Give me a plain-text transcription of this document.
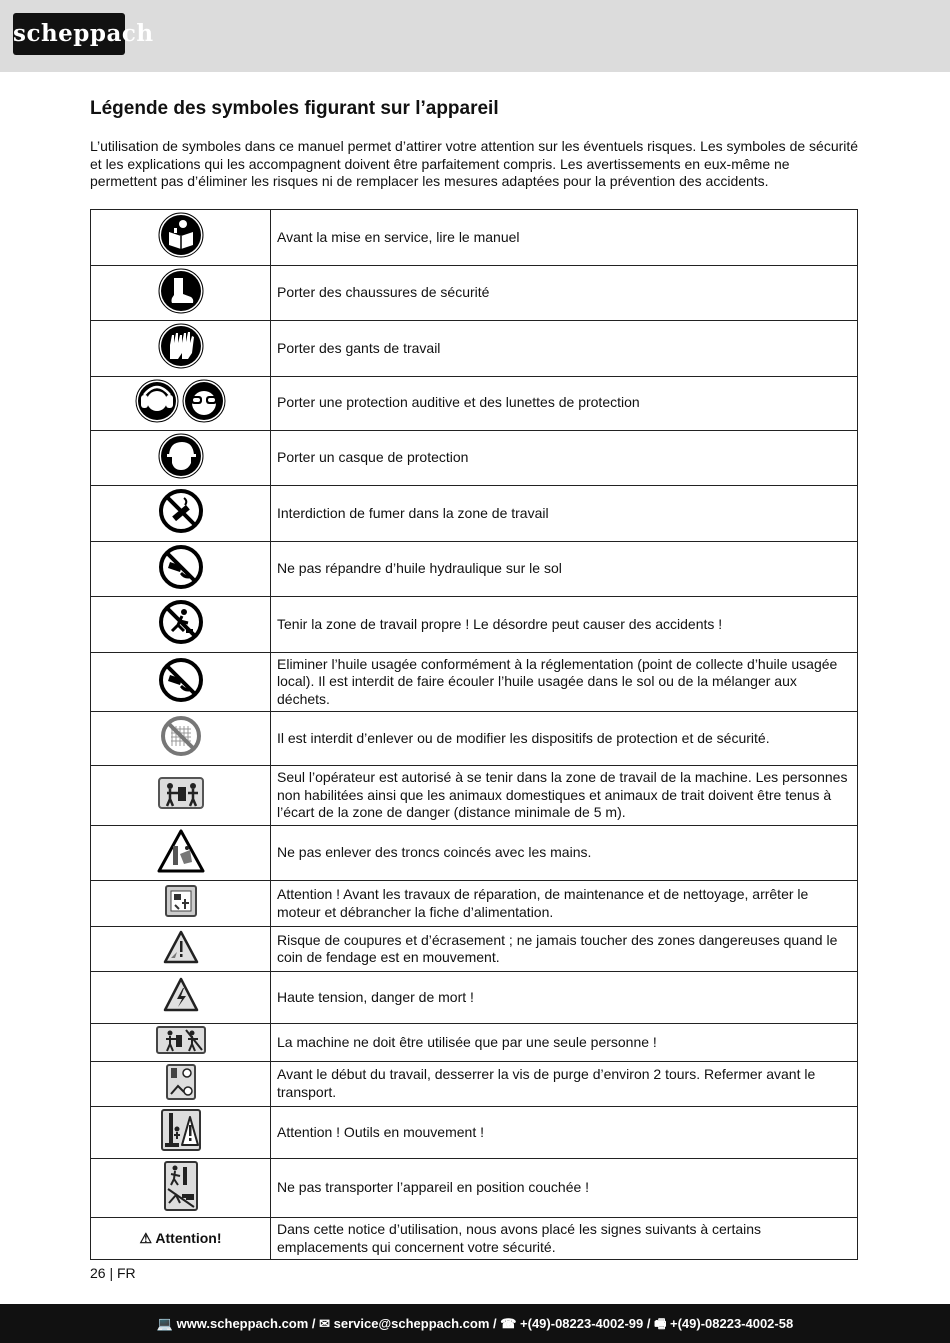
scheppach
Légende des symboles figurant sur l’appareil

L’utilisation de symboles dans ce manuel permet d’attirer votre attention sur les éventuels risques. Les symboles de sécurité et les explications qui les accompagnent doivent être parfaitement compris. Les avertissements en eux-même ne permettent pas d’éliminer les risques ni de remplacer les mesures adaptées pour la prévention des accidents.

	Avant la mise en service, lire le manuel

	Porter des chaussures de sécurité

	Porter des gants de travail

	Porter une protection auditive et des lunettes de protection

	Porter un casque de protection

	Interdiction de fumer dans la zone de travail

	Ne pas répandre d’huile hydraulique sur le sol

	Tenir la zone de travail propre ! Le désordre peut causer des accidents !

	Eliminer l’huile usagée conformément à la réglementation (point de collecte d’huile usagée local). Il est interdit de faire écouler l’huile usagée dans le sol ou de la mélanger aux déchets.

	Il est interdit d’enlever ou de modifier les dispositifs de protection et de sécurité.

	Seul l’opérateur est autorisé à se tenir dans la zone de travail de la machine. Les personnes non habilitées ainsi que les animaux domestiques et animaux de trait doivent être tenus à l’écart de la zone de danger (distance minimale de 5 m).

	Ne pas enlever des troncs coincés avec les mains.

	Attention ! Avant les travaux de réparation, de maintenance et de nettoyage, arrêter le moteur et débrancher la fiche d’alimentation.

	Risque de coupures et d’écrasement ; ne jamais toucher des zones dangereuses quand le coin de fendage est en mouvement.

	Haute tension, danger de mort !

	La machine ne doit être utilisée que par une seule personne !

	Avant le début du travail, desserrer la vis de purge d’environ 2 tours. Refermer avant le transport.

	Attention ! Outils en mouvement !

	Ne pas transporter l’appareil en position couchée !
⚠ Attention!	Dans cette notice d’utilisation, nous avons placé les signes suivants à certains emplacements qui concernent votre sécurité.
26 | FR
💻 www.scheppach.com / ✉ service@scheppach.com / ☎ +(49)-08223-4002-99 / 🖷 +(49)-08223-4002-58
